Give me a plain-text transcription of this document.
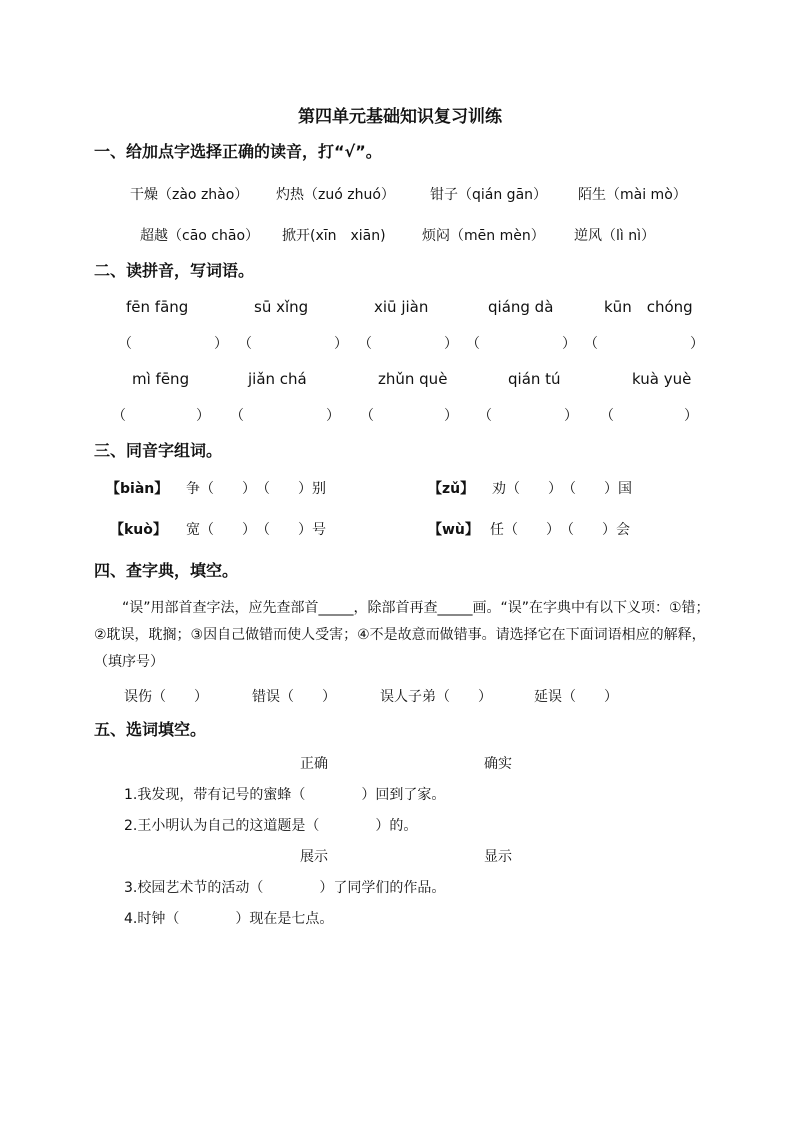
第四单元基础知识复习训练
一、给加点字选择正确的读音，打“√”。
干燥（zào zhào） 灼热（zuó zhuó）	钳子（qián gān） 陌生（mài mò）
超越（cāo chāo） 掀开(xīn　xiān)	烦闷（mēn mèn） 逆风（lì nì）
二、读拼音，写词语。
fēn fāng	sū xǐng	xiū jiàn	qiáng dà	kūn　chóng
（	） （	） （	） （	） （	）
mì fēng	jiǎn chá	zhǔn què	qián tú	kuà yuè
（	） （	） （	） （	） （	）
三、同音字组词。
【biàn】 争（　　）　（　　）别	【zǔ】 劝（　　）　（　　）国
【kuò】 宽（　　）　（　　）号	【wù】 任（　　）　（　　）会
四、查字典，填空。
“误”用部首查字法，应先查部首_____，除部首再查_____画。“误”在字典中有以下义项：①错；②耽误，耽搁；③因自己做错而使人受害；④不是故意而做错事。请选择它在下面词语相应的解释，（填序号）
误伤（　　）	错误（　　）	误人子弟（　　）	延误（　　）
五、选词填空。
正确	确实
1.我发现，带有记号的蜜蜂（　　　　）回到了家。
2.王小明认为自己的这道题是（　　　　）的。
展示	显示
3.校园艺术节的活动（　　　　）了同学们的作品。
4.时钟（　　　　）现在是七点。
